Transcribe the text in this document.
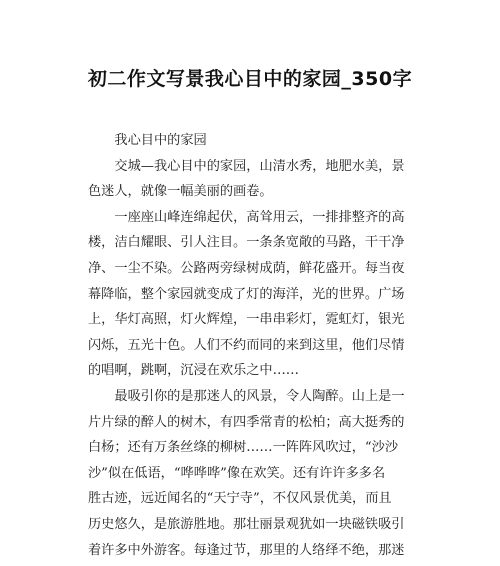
初二作文写景我心目中的家园_350字
我心目中的家园
交城—我心目中的家园，山清水秀，地肥水美，景
色迷人，就像一幅美丽的画卷。
一座座山峰连绵起伏，高耸用云，一排排整齐的高
楼，洁白耀眼、引人注目。一条条宽敞的马路，干干净
净、一尘不染。公路两旁绿树成荫，鲜花盛开。每当夜
幕降临，整个家园就变成了灯的海洋，光的世界。广场
上，华灯高照，灯火辉煌，一串串彩灯，霓虹灯，银光
闪烁，五光十色。人们不约而同的来到这里，他们尽情
的唱啊，跳啊，沉浸在欢乐之中……
最吸引你的是那迷人的风景，令人陶醉。山上是一
片片绿的醉人的树木，有四季常青的松柏；高大挺秀的
白杨；还有万条丝绦的柳树……一阵阵风吹过，“沙沙
沙”似在低语，“哗哗哗”像在欢笑。还有许许多多名
胜古迹，远近闻名的“天宁寺”，不仅风景优美，而且
历史悠久，是旅游胜地。那壮丽景观犹如一块磁铁吸引
着许多中外游客。每逢过节，那里的人络绎不绝，那迷
